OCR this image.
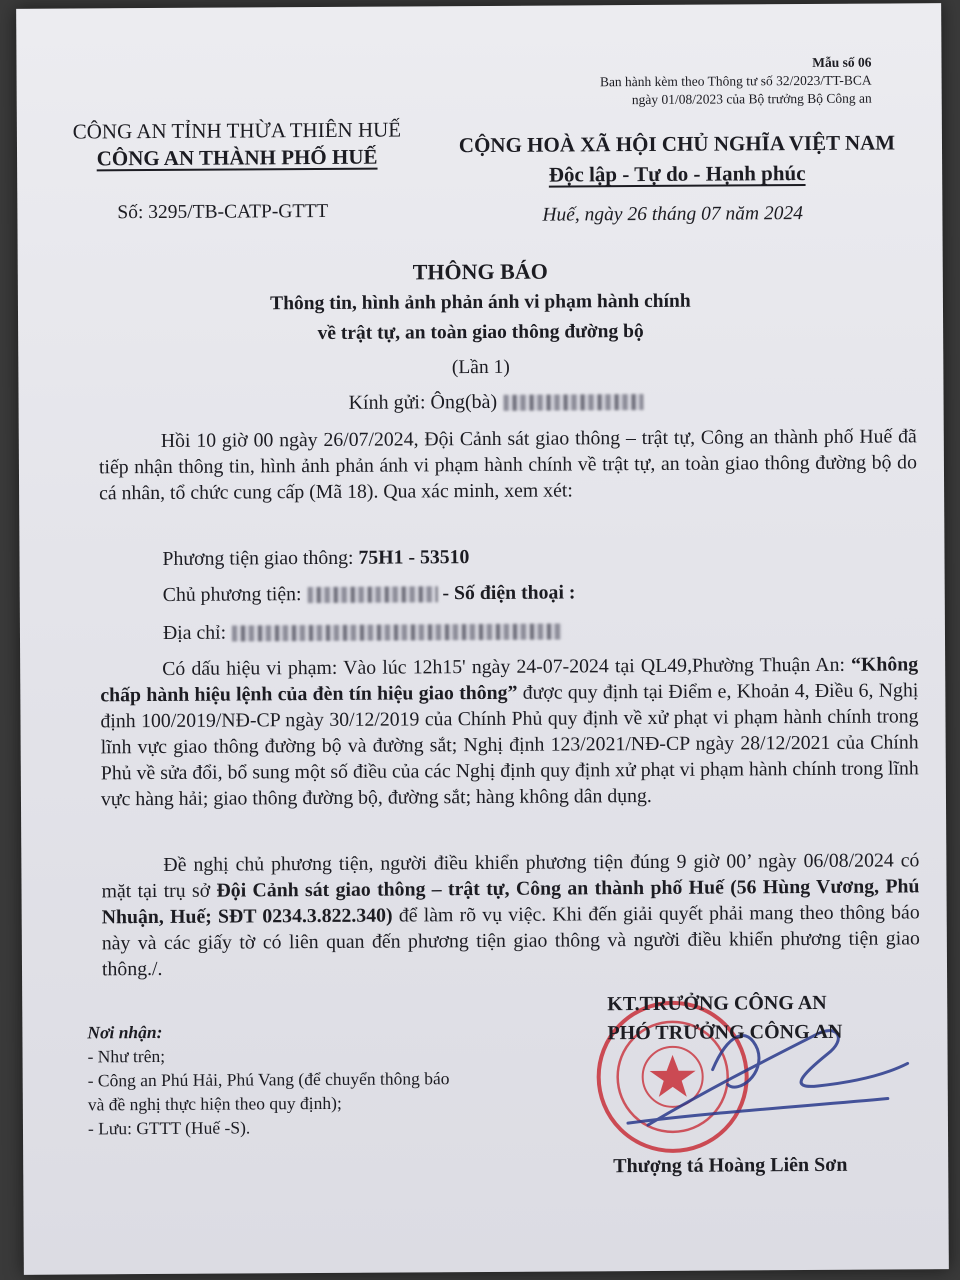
Mẫu số 06
Ban hành kèm theo Thông tư số 32/2023/TT-BCA
ngày 01/08/2023 của Bộ trưởng Bộ Công an
CÔNG AN TỈNH THỪA THIÊN HUẾ
CÔNG AN THÀNH PHỐ HUẾ
CỘNG HOÀ XÃ HỘI CHỦ NGHĨA VIỆT NAM
Độc lập - Tự do - Hạnh phúc
Số: 3295/TB-CATP-GTTT	Huế, ngày 26 tháng 07 năm 2024
THÔNG BÁO
Thông tin, hình ảnh phản ánh vi phạm hành chính
về trật tự, an toàn giao thông đường bộ
(Lần 1)
Kính gửi: Ông(bà)
Hồi 10 giờ 00 ngày 26/07/2024, Đội Cảnh sát giao thông – trật tự, Công an thành phố Huế đã tiếp nhận thông tin, hình ảnh phản ánh vi phạm hành chính về trật tự, an toàn giao thông đường bộ do cá nhân, tổ chức cung cấp (Mã 18). Qua xác minh, xem xét:
Phương tiện giao thông: 75H1 - 53510
Chủ phương tiện:	- Số điện thoại :
Địa chỉ:
Có dấu hiệu vi phạm: Vào lúc 12h15' ngày 24-07-2024 tại QL49,Phường Thuận An: “Không chấp hành hiệu lệnh của đèn tín hiệu giao thông” được quy định tại Điểm e, Khoản 4, Điều 6, Nghị định 100/2019/NĐ-CP ngày 30/12/2019 của Chính Phủ quy định về xử phạt vi phạm hành chính trong lĩnh vực giao thông đường bộ và đường sắt; Nghị định 123/2021/NĐ-CP ngày 28/12/2021 của Chính Phủ về sửa đổi, bổ sung một số điều của các Nghị định quy định xử phạt vi phạm hành chính trong lĩnh vực hàng hải; giao thông đường bộ, đường sắt; hàng không dân dụng.
Đề nghị chủ phương tiện, người điều khiển phương tiện đúng 9 giờ 00’ ngày 06/08/2024 có mặt tại trụ sở Đội Cảnh sát giao thông – trật tự, Công an thành phố Huế (56 Hùng Vương, Phú Nhuận, Huế; SĐT 0234.3.822.340) để làm rõ vụ việc. Khi đến giải quyết phải mang theo thông báo này và các giấy tờ có liên quan đến phương tiện giao thông và người điều khiển phương tiện giao thông./.
Nơi nhận:
- Như trên;
- Công an Phú Hải, Phú Vang (để chuyển thông báo
và đề nghị thực hiện theo quy định);
- Lưu: GTTT (Huế -S).
KT.TRƯỞNG CÔNG AN
PHÓ TRƯỞNG CÔNG AN
Thượng tá Hoàng Liên Sơn
